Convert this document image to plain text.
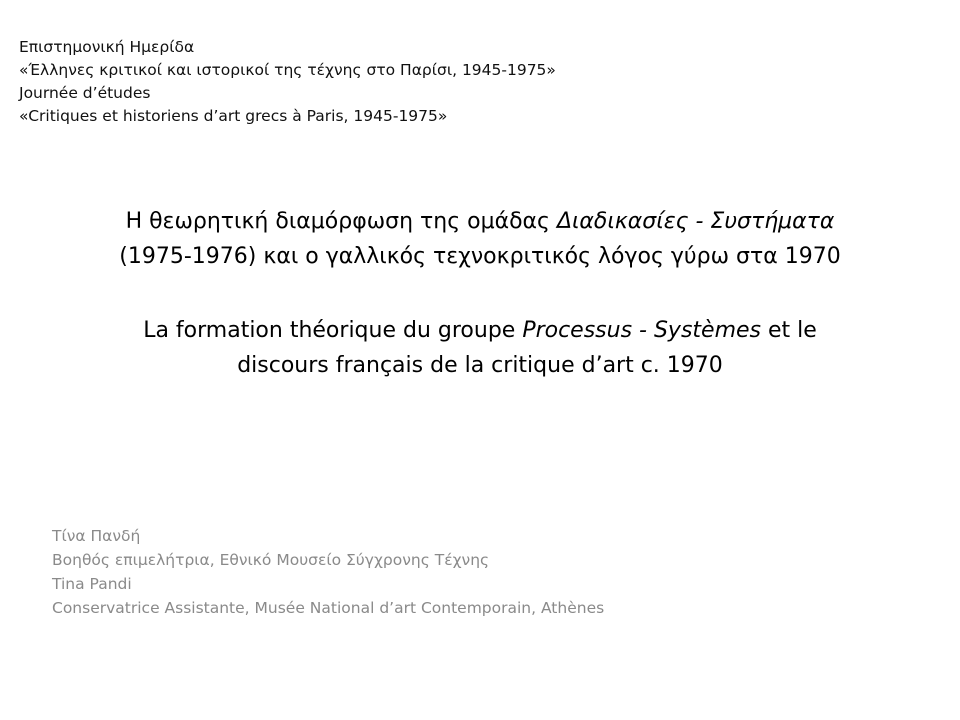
Επιστημονική Ημερίδα
«Έλληνες κριτικοί και ιστορικοί της τέχνης στο Παρίσι, 1945-1975»
Journée d’études
«Critiques et historiens d’art grecs à Paris, 1945-1975»
Η θεωρητική διαμόρφωση της ομάδας Διαδικασίες - Συστήματα
(1975-1976) και ο γαλλικός τεχνοκριτικός λόγος γύρω στα 1970
La formation théorique du groupe Processus - Systèmes et le
discours français de la critique d’art c. 1970
Τίνα Πανδή
Βοηθός επιμελήτρια, Εθνικό Μουσείο Σύγχρονης Τέχνης
Tina Pandi
Conservatrice Assistante, Musée National d’art Contemporain, Athènes
